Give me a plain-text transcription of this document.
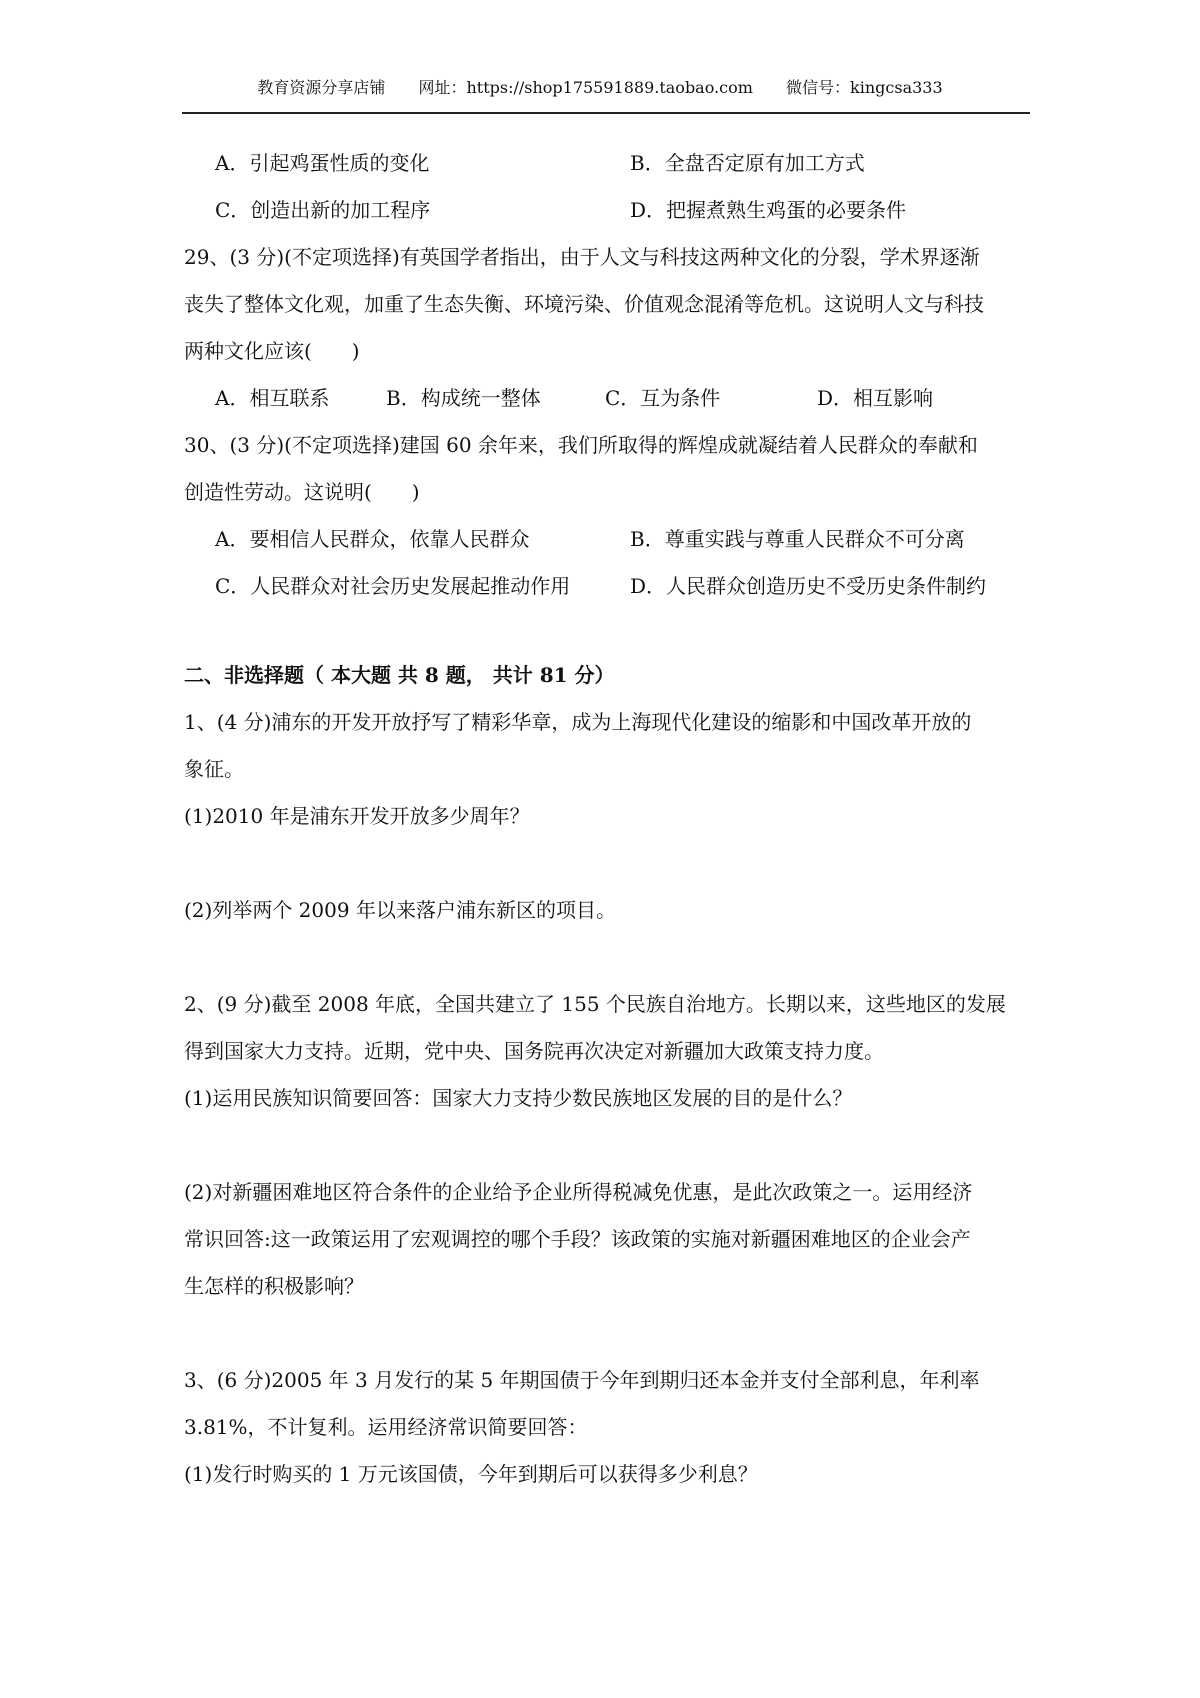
教育资源分享店铺 网址：https://shop175591889.taobao.com 微信号：kingcsa333
A．引起鸡蛋性质的变化	B．全盘否定原有加工方式
C．创造出新的加工程序	D．把握煮熟生鸡蛋的必要条件
29、(3 分)(不定项选择)有英国学者指出，由于人文与科技这两种文化的分裂，学术界逐渐
丧失了整体文化观，加重了生态失衡、环境污染、价值观念混淆等危机。这说明人文与科技
两种文化应该(　　)
A．相互联系	B．构成统一整体	C．互为条件	D．相互影响
30、(3 分)(不定项选择)建国 60 余年来，我们所取得的辉煌成就凝结着人民群众的奉献和
创造性劳动。这说明(　　)
A．要相信人民群众，依靠人民群众	B．尊重实践与尊重人民群众不可分离
C．人民群众对社会历史发展起推动作用	D．人民群众创造历史不受历史条件制约
二、非选择题（ 本大题 共 8 题， 共计 81 分）
1、(4 分)浦东的开发开放抒写了精彩华章，成为上海现代化建设的缩影和中国改革开放的
象征。
(1)2010 年是浦东开发开放多少周年？
(2)列举两个 2009 年以来落户浦东新区的项目。
2、(9 分)截至 2008 年底，全国共建立了 155 个民族自治地方。长期以来，这些地区的发展
得到国家大力支持。近期，党中央、国务院再次决定对新疆加大政策支持力度。
(1)运用民族知识简要回答：国家大力支持少数民族地区发展的目的是什么？
(2)对新疆困难地区符合条件的企业给予企业所得税减免优惠，是此次政策之一。运用经济
常识回答:这一政策运用了宏观调控的哪个手段？该政策的实施对新疆困难地区的企业会产
生怎样的积极影响？
3、(6 分)2005 年 3 月发行的某 5 年期国债于今年到期归还本金并支付全部利息，年利率
3.81%，不计复利。运用经济常识简要回答：
(1)发行时购买的 1 万元该国债，今年到期后可以获得多少利息？
